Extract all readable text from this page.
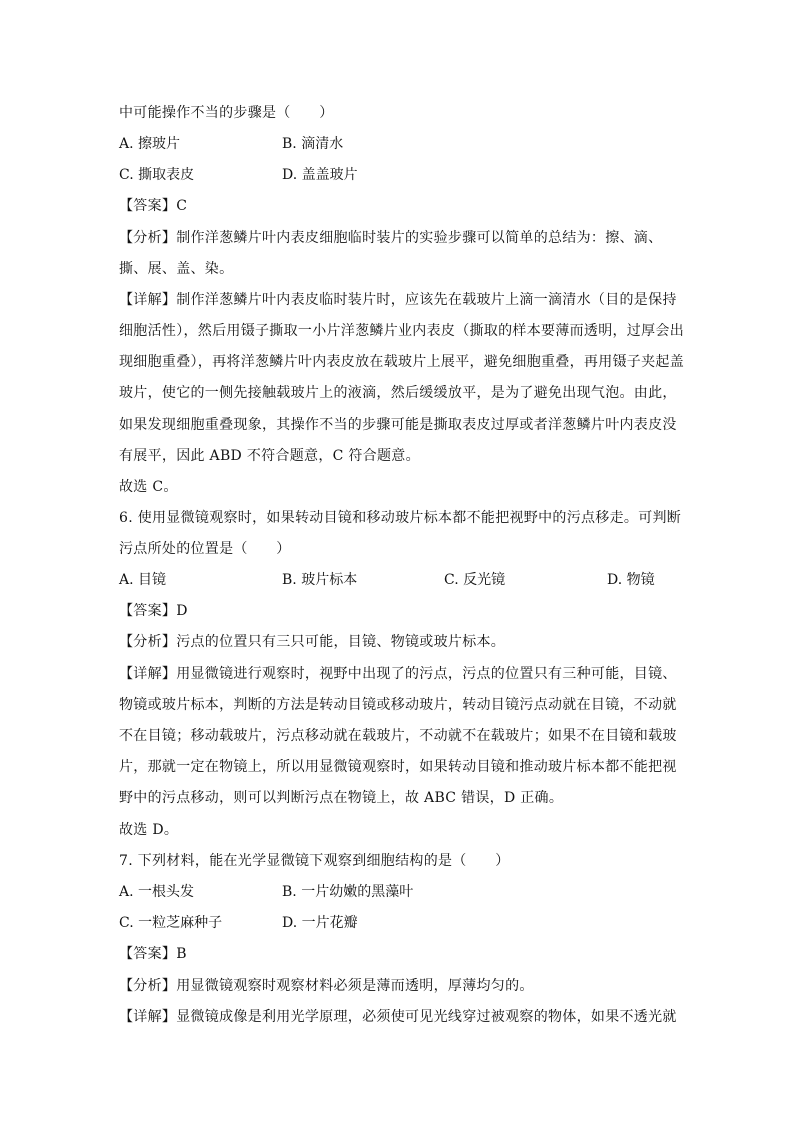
中可能操作不当的步骤是（　　）
A. 擦玻片	B. 滴清水
C. 撕取表皮	D. 盖盖玻片
【答案】C
【分析】制作洋葱鳞片叶内表皮细胞临时装片的实验步骤可以简单的总结为：擦、滴、
撕、展、盖、染。
【详解】制作洋葱鳞片叶内表皮临时装片时，应该先在载玻片上滴一滴清水（目的是保持
细胞活性），然后用镊子撕取一小片洋葱鳞片业内表皮（撕取的样本要薄而透明，过厚会出
现细胞重叠），再将洋葱鳞片叶内表皮放在载玻片上展平，避免细胞重叠，再用镊子夹起盖
玻片，使它的一侧先接触载玻片上的液滴，然后缓缓放平，是为了避免出现气泡。由此，
如果发现细胞重叠现象，其操作不当的步骤可能是撕取表皮过厚或者洋葱鳞片叶内表皮没
有展平，因此 ABD 不符合题意，C 符合题意。
故选 C。
6. 使用显微镜观察时，如果转动目镜和移动玻片标本都不能把视野中的污点移走。可判断
污点所处的位置是（　　）
A. 目镜	B. 玻片标本	C. 反光镜	D. 物镜
【答案】D
【分析】污点的位置只有三只可能，目镜、物镜或玻片标本。
【详解】用显微镜进行观察时，视野中出现了的污点，污点的位置只有三种可能，目镜、
物镜或玻片标本，判断的方法是转动目镜或移动玻片，转动目镜污点动就在目镜，不动就
不在目镜；移动载玻片，污点移动就在载玻片，不动就不在载玻片；如果不在目镜和载玻
片，那就一定在物镜上，所以用显微镜观察时，如果转动目镜和推动玻片标本都不能把视
野中的污点移动，则可以判断污点在物镜上，故 ABC 错误，D 正确。
故选 D。
7. 下列材料，能在光学显微镜下观察到细胞结构的是（　　）
A. 一根头发	B. 一片幼嫩的黑藻叶
C. 一粒芝麻种子	D. 一片花瓣
【答案】B
【分析】用显微镜观察时观察材料必须是薄而透明，厚薄均匀的。
【详解】显微镜成像是利用光学原理，必须使可见光线穿过被观察的物体，如果不透光就
